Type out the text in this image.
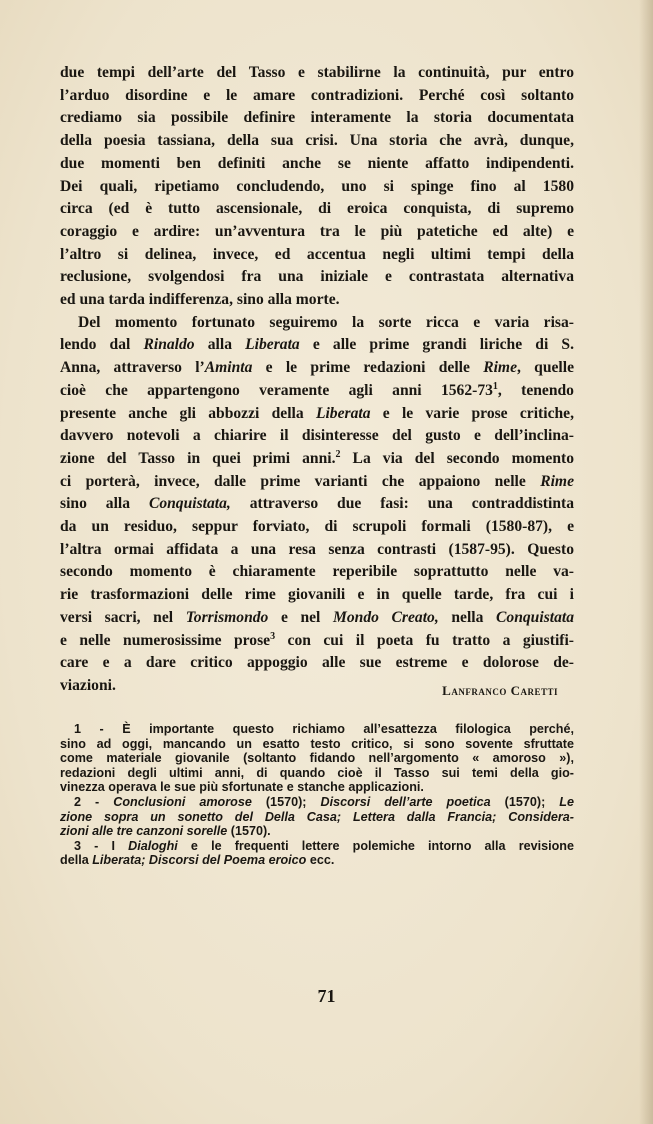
due tempi dell’arte del Tasso e stabilirne la continuità, pur entro
l’arduo disordine e le amare contradizioni. Perché così soltanto
crediamo sia possibile definire interamente la storia documentata
della poesia tassiana, della sua crisi. Una storia che avrà, dunque,
due momenti ben definiti anche se niente affatto indipendenti.
Dei quali, ripetiamo concludendo, uno si spinge fino al 1580
circa (ed è tutto ascensionale, di eroica conquista, di supremo
coraggio e ardire: un’avventura tra le più patetiche ed alte) e
l’altro si delinea, invece, ed accentua negli ultimi tempi della
reclusione, svolgendosi fra una iniziale e contrastata alternativa
ed una tarda indifferenza, sino alla morte.

Del momento fortunato seguiremo la sorte ricca e varia risa-
lendo dal Rinaldo alla Liberata e alle prime grandi liriche di S.
Anna, attraverso l’Aminta e le prime redazioni delle Rime, quelle
cioè che appartengono veramente agli anni $1562-73^1$, tenendo
presente anche gli abbozzi della Liberata e le varie prose critiche,
davvero notevoli a chiarire il disinteresse del gusto e dell’inclina-
zione del Tasso in quei primi anni.$^2$ La via del secondo momento
ci porterà, invece, dalle prime varianti che appaiono nelle Rime
sino alla Conquistata, attraverso due fasi: una contraddistinta
da un residuo, seppur forviato, di scrupoli formali (1580-87), e
l’altra ormai affidata a una resa senza contrasti (1587-95). Questo
secondo momento è chiaramente reperibile soprattutto nelle va-
rie trasformazioni delle rime giovanili e in quelle tarde, fra cui i
versi sacri, nel Torrismondo e nel Mondo Creato, nella Conquistata
e nelle numerosissime prose$^3$ con cui il poeta fu tratto a giustifi-
care e a dare critico appoggio alle sue estreme e dolorose de-
viazioni.	Lanfranco Caretti
1 - È importante questo richiamo all’esattezza filologica perché,
sino ad oggi, mancando un esatto testo critico, si sono sovente sfruttate
come materiale giovanile (soltanto fidando nell’argomento « amoroso »),
redazioni degli ultimi anni, di quando cioè il Tasso sui temi della gio-
vinezza operava le sue più sfortunate e stanche applicazioni.
2 - Conclusioni amorose (1570); Discorsi dell’arte poetica (1570); Le
zione sopra un sonetto del Della Casa; Lettera dalla Francia; Considera-
zioni alle tre canzoni sorelle (1570).
3 - I Dialoghi e le frequenti lettere polemiche intorno alla revisione
della Liberata; Discorsi del Poema eroico ecc.
71
